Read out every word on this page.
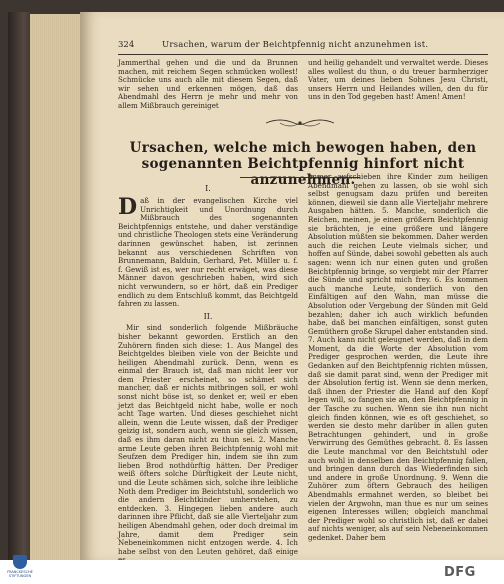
324	Ursachen, warum der Beichtpfennig nicht anzunehmen ist.

Jammerthal gehen und die und da Brunnen machen, mit reichem Segen schmücken wollest! Schmücke uns auch alle mit diesem Segen, daß wir sehen und erkennen mögen, daß das Abendmahl des Herrn je mehr und mehr von allem Mißbrauch gereiniget

und heilig gehandelt und verwaltet werde. Dieses alles wollest du thun, o du treuer barmherziger Vater, um deines lieben Sohnes Jesu Christi, unsers Herrn und Heilandes willen, den du für uns in den Tod gegeben hast! Amen! Amen!

Ursachen, welche mich bewogen haben, den sogenannten Beichtpfennig hinfort nicht anzunehmen.
I.

Daß in der evangelischen Kirche viel Unrichtigkeit und Unordnung durch Mißbrauch des sogenannten Beichtpfennigs entstehe, und daher verständige und christliche Theologen stets eine Veränderung darinnen gewünschet haben, ist zerinnen bekannt aus verschiedenen Schriften von Brunnemann, Balduin, Gerhard, Pet. Müller u. f. f. Gewiß ist es, wer nur recht erwäget, was diese Männer davon geschrieben haben, wird sich nicht verwundern, so er hört, daß ein Prediger endlich zu dem Entschluß kommt, das Beichtgeld fahren zu lassen.

II.

Mir sind sonderlich folgende Mißbräuche bisher bekannt geworden. Erstlich an den Zuhörern finden sich diese: 1. Aus Mangel des Beichtgeldes bleiben viele von der Beichte und heiligen Abendmahl zurück. Denn, wenn es einmal der Brauch ist, daß man nicht leer vor dem Priester erscheinet, so schämet sich mancher, daß er nichts mitbringen soll, er wohl sonst nicht böse ist, so denket er, weil er eben jetzt das Beichtgeld nicht habe, wolle er noch acht Tage warten. Und dieses geschiehet nicht allein, wenn die Leute wissen, daß der Prediger geizig ist, sondern auch, wenn sie gleich wissen, daß es ihm daran nicht zu thun sei. 2. Manche arme Leute geben ihren Beichtpfennig wohl mit Seufzen dem Prediger hin, indem sie ihn zum lieben Brod nothdürftig hätten. Der Prediger weiß öfters solche Dürftigkeit der Leute nicht, und die Leute schämen sich, solche ihre leibliche Noth dem Prediger im Beichtstuhl, sonderlich wo die andern Beichtkinder umherstehen, zu entdecken. 3. Hingegen lieben andere auch darinnen ihre Pflicht, daß sie alle Vierteljahr zum heiligen Abendmahl gehen, oder doch dreimal im Jahre, damit dem Prediger sein Nebeneinkommen nicht entzogen werde. 4. Ich habe selbst von den Leuten gehöret, daß einige

immer aufschieben ihre Kinder zum heiligen Abendmahl gehen zu lassen, ob sie wohl sich selbst genugsam dazu prüfen und bereiten können, dieweil sie dann alle Vierteljahr mehrere Ausgaben hätten. 5. Manche, sonderlich die Reichen, meinen, je einen größern Beichtpfennig sie brächten, je eine größere und längere Absolution müßten sie bekommen. Daher werden auch die reichen Leute vielmals sicher, und hoffen auf Sünde, dabei sowohl gebetten als auch sagen: wenn ich nur einen guten und großen Beichtpfennig bringe, so vergiebt mir der Pfarrer die Sünde und spricht mich frey. 6. Es kommen auch manche Leute, sonderlich von den Einfältigen auf den Wahn, man müsse die Absolution oder Vergebung der Sünden mit Geld bezahlen; daher ich auch wirklich befunden habe, daß bei manchen einfältigen, sonst guten Gemüthern große Skrupel daher entstanden sind. 7. Auch kann nicht geleugnet werden, daß in dem Moment, da die Worte der Absolution vom Prediger gesprochen werden, die Leute ihre Gedanken auf den Beichtpfennig richten müssen, daß sie damit parat sind, wenn der Prediger mit der Absolution fertig ist. Wenn sie denn merken, daß ihnen der Priester die Hand auf den Kopf legen will, so fangen sie an, den Beichtpfennig in der Tasche zu suchen. Wenn sie ihn nun nicht gleich finden können, wie es oft geschiehet, so werden sie desto mehr darüber in allen guten Betrachtungen gehindert, und in große Verwirrung des Gemüthes gebracht. 8. Es lassen die Leute manchmal vor den Beichtstuhl oder auch wohl in denselben den Beichtpfennig fallen, und bringen dann durch das Wiederfinden sich und andere in große Unordnung. 9. Wenn die Zuhörer zum öftern Gebrauch des heiligen Abendmahls ermahnet werden, so bleibet bei vielen der Argwohn, man thue es nur um seines eigenen Interesses willen; obgleich manchmal der Prediger wohl so christlich ist, daß er dabei auf nichts weniger, als auf sein Nebeneinkommen gedenket. Daher bem

FRANCKESCHE STIFTUNGEN	DFG
